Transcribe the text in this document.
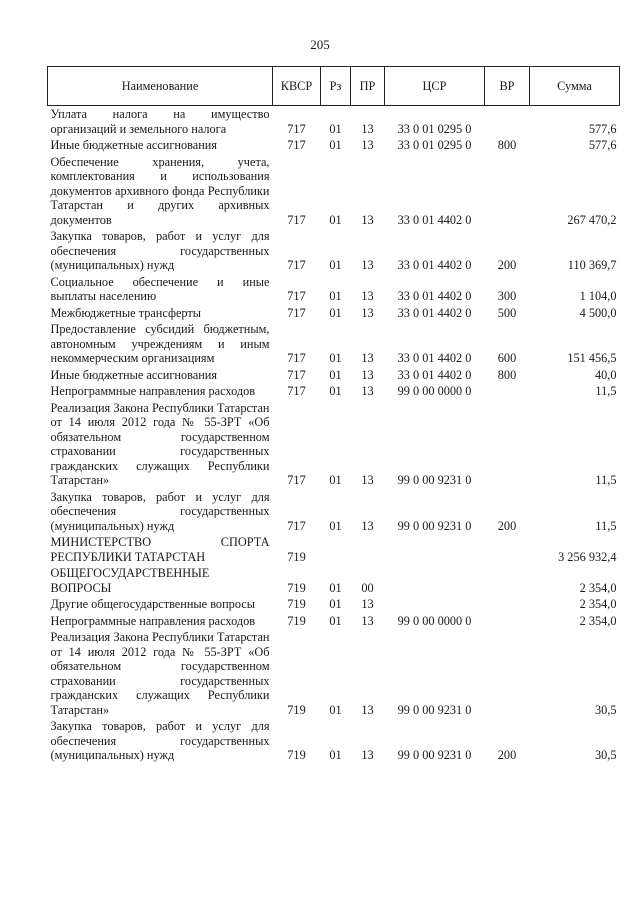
205
Наименование	КВСР	Рз	ПР	ЦСР	ВР	Сумма
Уплата налога на имущество организаций и земельного налога	717	01	13	33 0 01 0295 0		577,6
Иные бюджетные ассигнования	717	01	13	33 0 01 0295 0	800	577,6
Обеспечение хранения, учета, комплектования и использования документов архивного фонда Республики Татарстан и других архивных документов	717	01	13	33 0 01 4402 0		267 470,2
Закупка товаров, работ и услуг для обеспечения государственных (муниципальных) нужд	717	01	13	33 0 01 4402 0	200	110 369,7
Социальное обеспечение и иные выплаты населению	717	01	13	33 0 01 4402 0	300	1 104,0
Межбюджетные трансферты	717	01	13	33 0 01 4402 0	500	4 500,0
Предоставление субсидий бюджетным, автономным учреждениям и иным некоммерческим организациям	717	01	13	33 0 01 4402 0	600	151 456,5
Иные бюджетные ассигнования	717	01	13	33 0 01 4402 0	800	40,0
Непрограммные направления расходов	717	01	13	99 0 00 0000 0		11,5
Реализация Закона Республики Татарстан от 14 июля 2012 года № 55-ЗРТ «Об обязательном государственном страховании государственных гражданских служащих Республики Татарстан»	717	01	13	99 0 00 9231 0		11,5
Закупка товаров, работ и услуг для обеспечения государственных (муниципальных) нужд	717	01	13	99 0 00 9231 0	200	11,5
МИНИСТЕРСТВО СПОРТА РЕСПУБЛИКИ ТАТАРСТАН	719					3 256 932,4
ОБЩЕГОСУДАРСТВЕННЫЕ ВОПРОСЫ	719	01	00			2 354,0
Другие общегосударственные вопросы	719	01	13			2 354,0
Непрограммные направления расходов	719	01	13	99 0 00 0000 0		2 354,0
Реализация Закона Республики Татарстан от 14 июля 2012 года № 55-ЗРТ «Об обязательном государственном страховании государственных гражданских служащих Республики Татарстан»	719	01	13	99 0 00 9231 0		30,5
Закупка товаров, работ и услуг для обеспечения государственных (муниципальных) нужд	719	01	13	99 0 00 9231 0	200	30,5
